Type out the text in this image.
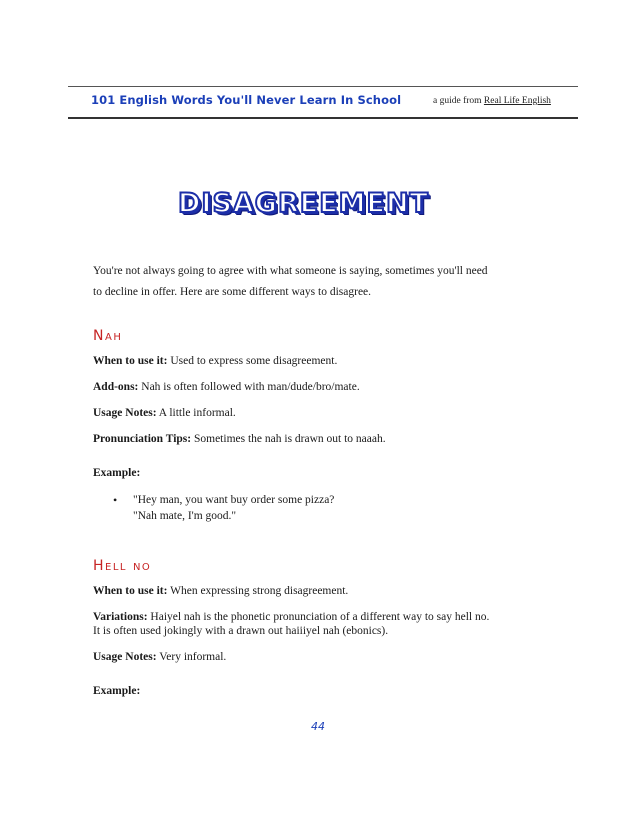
101 English Words You'll Never Learn In School	a guide from Real Life English
DISAGREEMENT
You're not always going to agree with what someone is saying, sometimes you'll need
to decline in offer. Here are some different ways to disagree.
Nah
When to use it: Used to express some disagreement.
Add-ons: Nah is often followed with man/dude/bro/mate.
Usage Notes: A little informal.
Pronunciation Tips: Sometimes the nah is drawn out to naaah.
Example:
• "Hey man, you want buy order some pizza?
"Nah mate, I'm good."
Hell no
When to use it: When expressing strong disagreement.
Variations: Haiyel nah is the phonetic pronunciation of a different way to say hell no.
It is often used jokingly with a drawn out haiiiyel nah (ebonics).
Usage Notes: Very informal.
Example:
44
